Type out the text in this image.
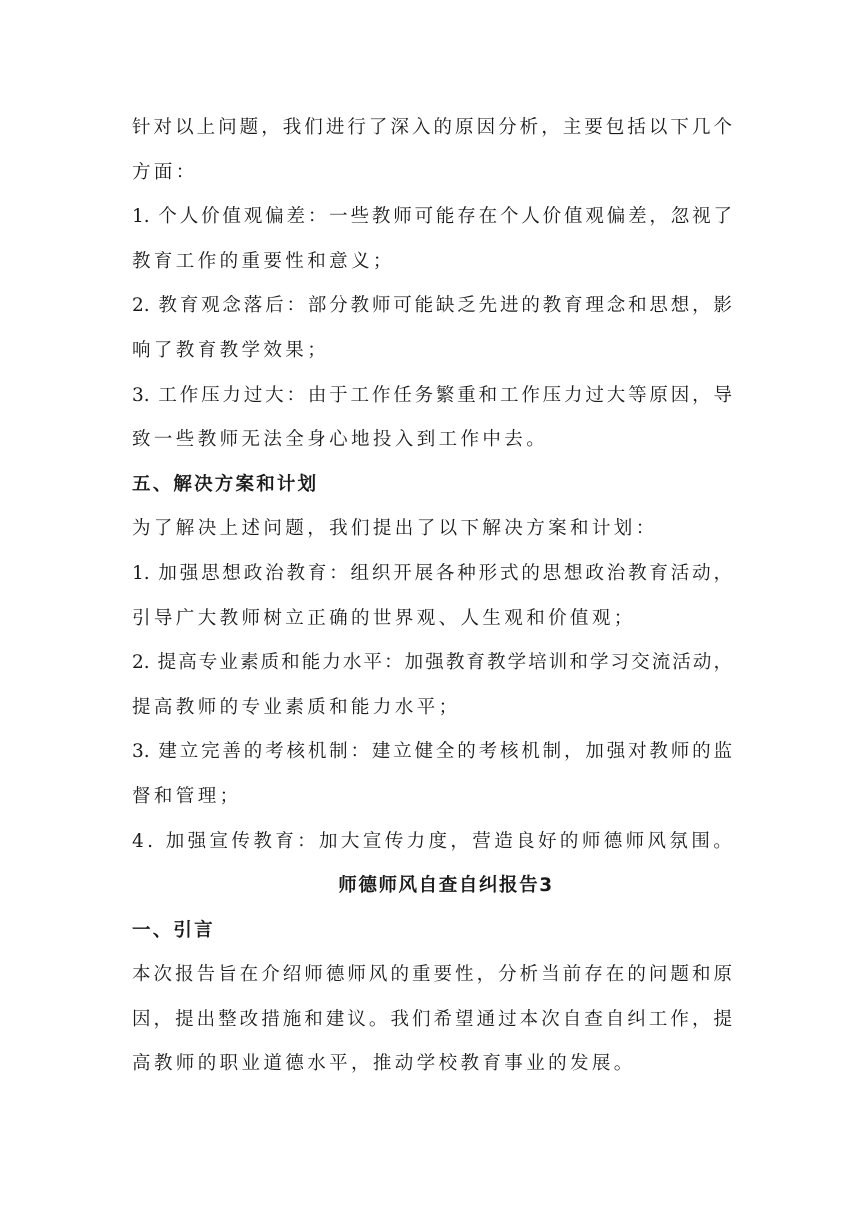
针对以上问题，我们进行了深入的原因分析，主要包括以下几个
方面：

1. 个人价值观偏差：一些教师可能存在个人价值观偏差，忽视了
教育工作的重要性和意义；

2. 教育观念落后：部分教师可能缺乏先进的教育理念和思想，影
响了教育教学效果；

3. 工作压力过大：由于工作任务繁重和工作压力过大等原因，导
致一些教师无法全身心地投入到工作中去。

五、解决方案和计划

为了解决上述问题，我们提出了以下解决方案和计划：

1. 加强思想政治教育：组织开展各种形式的思想政治教育活动，
引导广大教师树立正确的世界观、人生观和价值观；

2. 提高专业素质和能力水平：加强教育教学培训和学习交流活动，
提高教师的专业素质和能力水平；

3. 建立完善的考核机制：建立健全的考核机制，加强对教师的监
督和管理；

4. 加强宣传教育：加大宣传力度，营造良好的师德师风氛围。

师德师风自查自纠报告3
一、引言

本次报告旨在介绍师德师风的重要性，分析当前存在的问题和原
因，提出整改措施和建议。我们希望通过本次自查自纠工作，提
高教师的职业道德水平，推动学校教育事业的发展。
